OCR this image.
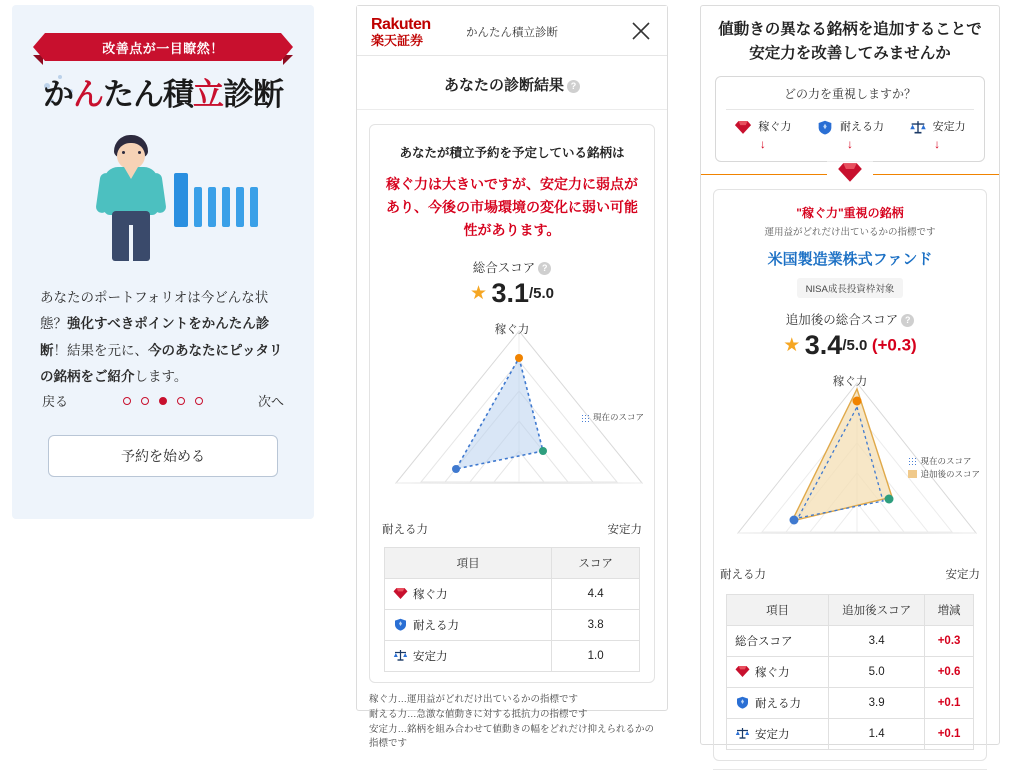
改善点が一目瞭然！
かんたん積立診断
あなたのポートフォリオは今どんな状態？強化すべきポイントをかんたん診断！結果を元に、今のあなたにピッタリの銘柄をご紹介します。
戻る	次へ
予約を始める
Rakuten
楽天証券
かんたん積立診断
あなたの診断結果 ?
あなたが積立予約を予定している銘柄は
稼ぐ力は大きいですが、安定力に弱点があり、今後の市場環境の変化に弱い可能性があります。
総合スコア ?
★ 3.1/5.0
稼ぐ力
現在のスコア
耐える力	安定力
項目	スコア
稼ぐ力	4.4
耐える力	3.8
安定力	1.0
稼ぐ力…運用益がどれだけ出ているかの指標です
耐える力…急激な値動きに対する抵抗力の指標です
安定力…銘柄を組み合わせて値動きの幅をどれだけ抑えられるかの指標です
値動きの異なる銘柄を追加することで安定力を改善してみませんか
どの力を重視しますか？
稼ぐ力
↓
耐える力
↓
安定力
↓
"稼ぐ力"重視の銘柄
運用益がどれだけ出ているかの指標です
米国製造業株式ファンド
NISA成長投資枠対象
追加後の総合スコア ?
★ 3.4/5.0 (+0.3)
稼ぐ力
現在のスコア
追加後のスコア
耐える力	安定力
項目	追加後スコア	増減
総合スコア	3.4	+0.3
稼ぐ力	5.0	+0.6
耐える力	3.9	+0.1
安定力	1.4	+0.1
